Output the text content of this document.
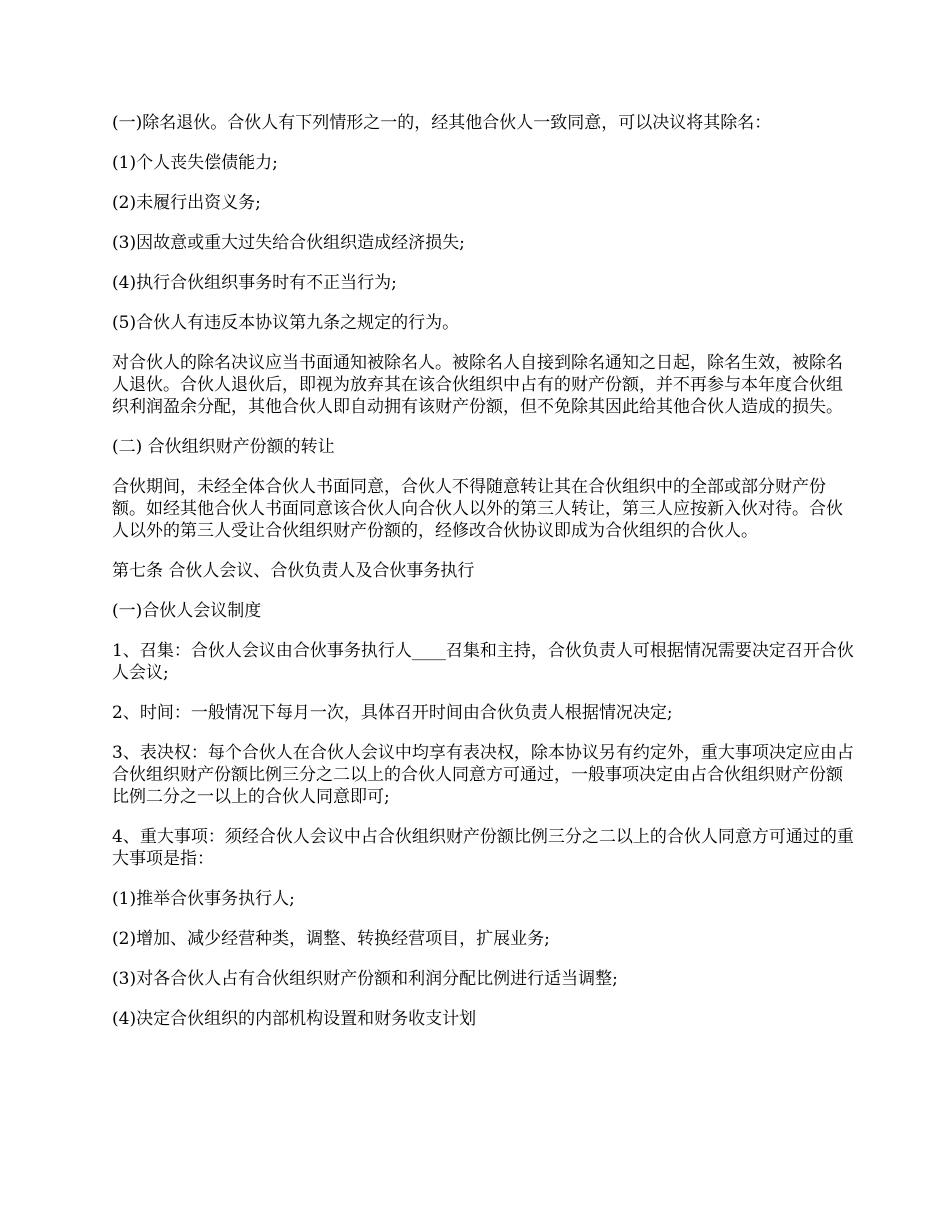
(一)除名退伙。合伙人有下列情形之一的，经其他合伙人一致同意，可以决议将其除名：

(1)个人丧失偿债能力;

(2)未履行出资义务;

(3)因故意或重大过失给合伙组织造成经济损失;

(4)执行合伙组织事务时有不正当行为;

(5)合伙人有违反本协议第九条之规定的行为。

对合伙人的除名决议应当书面通知被除名人。被除名人自接到除名通知之日起，除名生效，被除名人退伙。合伙人退伙后，即视为放弃其在该合伙组织中占有的财产份额，并不再参与本年度合伙组织利润盈余分配，其他合伙人即自动拥有该财产份额，但不免除其因此给其他合伙人造成的损失。

(二) 合伙组织财产份额的转让

合伙期间，未经全体合伙人书面同意，合伙人不得随意转让其在合伙组织中的全部或部分财产份额。如经其他合伙人书面同意该合伙人向合伙人以外的第三人转让，第三人应按新入伙对待。合伙人以外的第三人受让合伙组织财产份额的，经修改合伙协议即成为合伙组织的合伙人。

第七条 合伙人会议、合伙负责人及合伙事务执行

(一)合伙人会议制度

1、召集：合伙人会议由合伙事务执行人____召集和主持，合伙负责人可根据情况需要决定召开合伙人会议;

2、时间：一般情况下每月一次，具体召开时间由合伙负责人根据情况决定;

3、表决权：每个合伙人在合伙人会议中均享有表决权，除本协议另有约定外，重大事项决定应由占合伙组织财产份额比例三分之二以上的合伙人同意方可通过，一般事项决定由占合伙组织财产份额比例二分之一以上的合伙人同意即可;

4、重大事项：须经合伙人会议中占合伙组织财产份额比例三分之二以上的合伙人同意方可通过的重大事项是指：

(1)推举合伙事务执行人;

(2)增加、减少经营种类，调整、转换经营项目，扩展业务;

(3)对各合伙人占有合伙组织财产份额和利润分配比例进行适当调整;

(4)决定合伙组织的内部机构设置和财务收支计划
